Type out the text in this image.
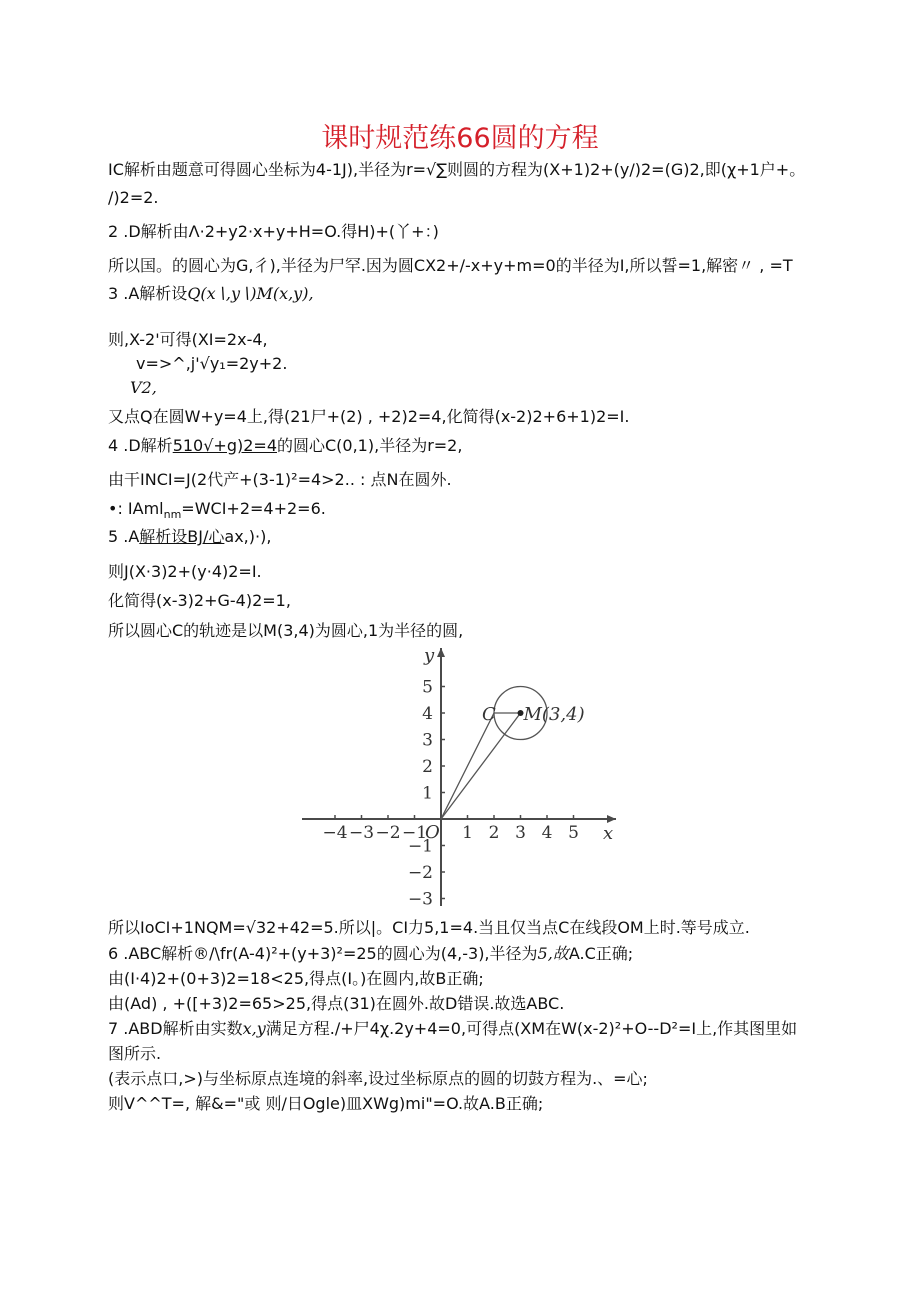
课时规范练66圆的方程
IC解析由题意可得圆心坐标为4-1J),半径为r=√∑则圆的方程为(X+1)2+(y/)2=(G)2,即(χ+1户+。
/)2=2.
2 .D解析由Λ·2+y2·x+y+H=O.得H)+(丫+：)
所以国。的圆心为G,彳),半径为尸罕.因为圆CX2+∕-x+y+m=0的半径为I,所以誓=1,解密〃 , =T
3 .A解析设Q(x∖,y∖)M(x,y),
则,X-2'可得(XI=2x-4,
v=>^,j'√y₁=2y+2.
V2,
又点Q在圆W+y=4上,得(21尸+(2) , +2)2=4,化简得(x-2)2+6+1)2=I.
4 .D解析510√+g)2=4的圆心C(0,1),半径为r=2,
由干INCI=J(2代产+(3-1)²=4>2.. : 点N在圆外.
•: IAml$_{nm}$=WCI+2=4+2=6.
5 .A解析设BJ/心ax,)·),
则J(X·3)2+(y·4)2=I.
化简得(x-3)2+G-4)2=1,
所以圆心C的轨迹是以M(3,4)为圆心,1为半径的圆,
x
y
−4 −3 −2 −1 1 2 3 4 5
5
4
3
2
1
−1
−2
−3
O
M(3,4)
C
所以IoCI+1NQM=√32+42=5.所以|。CI力5,1=4.当且仅当点C在线段OM上时.等号成立.
6 .ABC解析®∕\fr(A-4)²+(y+3)²=25的圆心为(4,-3),半径为5,故A.C正确;
由(I·4)2+(0+3)2=18<25,得点(I。)在圆内,故B正确;
由(Ad) , +([+3)2=65>25,得点(31)在圆外.故D错误.故选ABC.
7 .ABD解析由实数x,y满足方程.∕+尸4χ.2y+4=0,可得点(XM在W(x-2)²+O--D²=I上,作其图里如
图所示.
(表示点口,>)与坐标原点连境的斜率,设过坐标原点的圆的切鼓方程为.、=心;
则V^^T=, 解&="或 则/日Ogle)皿XWg)mi"=O.故A.B正确;
